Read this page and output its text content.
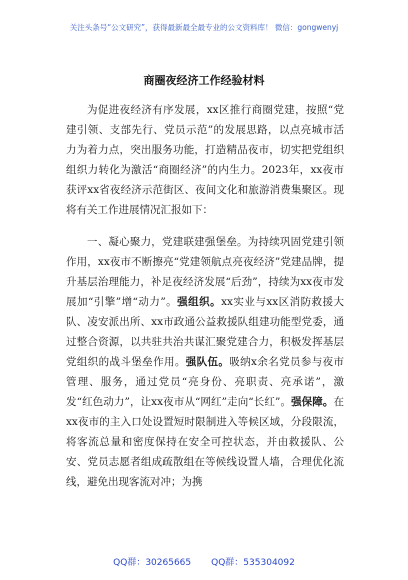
关注头条号“公文研究”，获得最新最全最专业的公文资料库！ 微信：gongwenyj
商圈夜经济工作经验材料

为促进夜经济有序发展，xx区推行商圈党建，按照“党建引领、支部先行、党员示范”的发展思路，以点亮城市活力为着力点，突出服务功能，打造精品夜市，切实把党组织组织力转化为激活“商圈经济”的内生力。2023年，xx夜市获评xx省夜经济示范街区、夜间文化和旅游消费集聚区。现将有关工作进展情况汇报如下：

一、凝心聚力，党建联建强堡垒。为持续巩固党建引领作用，xx夜市不断擦亮“党建领航点亮夜经济”党建品牌，提升基层治理能力，补足夜经济发展“后劲”，持续为xx夜市发展加“引擎”增“动力”。强组织。xx实业与xx区消防救援大队、凌安派出所、xx市政通公益救援队组建功能型党委，通过整合资源，以共驻共治共谋汇聚党建合力，积极发挥基层党组织的战斗堡垒作用。强队伍。吸纳x余名党员参与夜市管理、服务，通过党员“亮身份、亮职责、亮承诺”，激发“红色动力”，让xx夜市从“网红”走向“长红”。强保障。在xx夜市的主入口处设置短时限制进入等候区域，分段限流，将客流总量和密度保持在安全可控状态，并由救援队、公安、党员志愿者组成疏散组在等候线设置人墙，合理优化流线，避免出现客流对冲；为携

QQ群：30265665 QQ群：535304092
